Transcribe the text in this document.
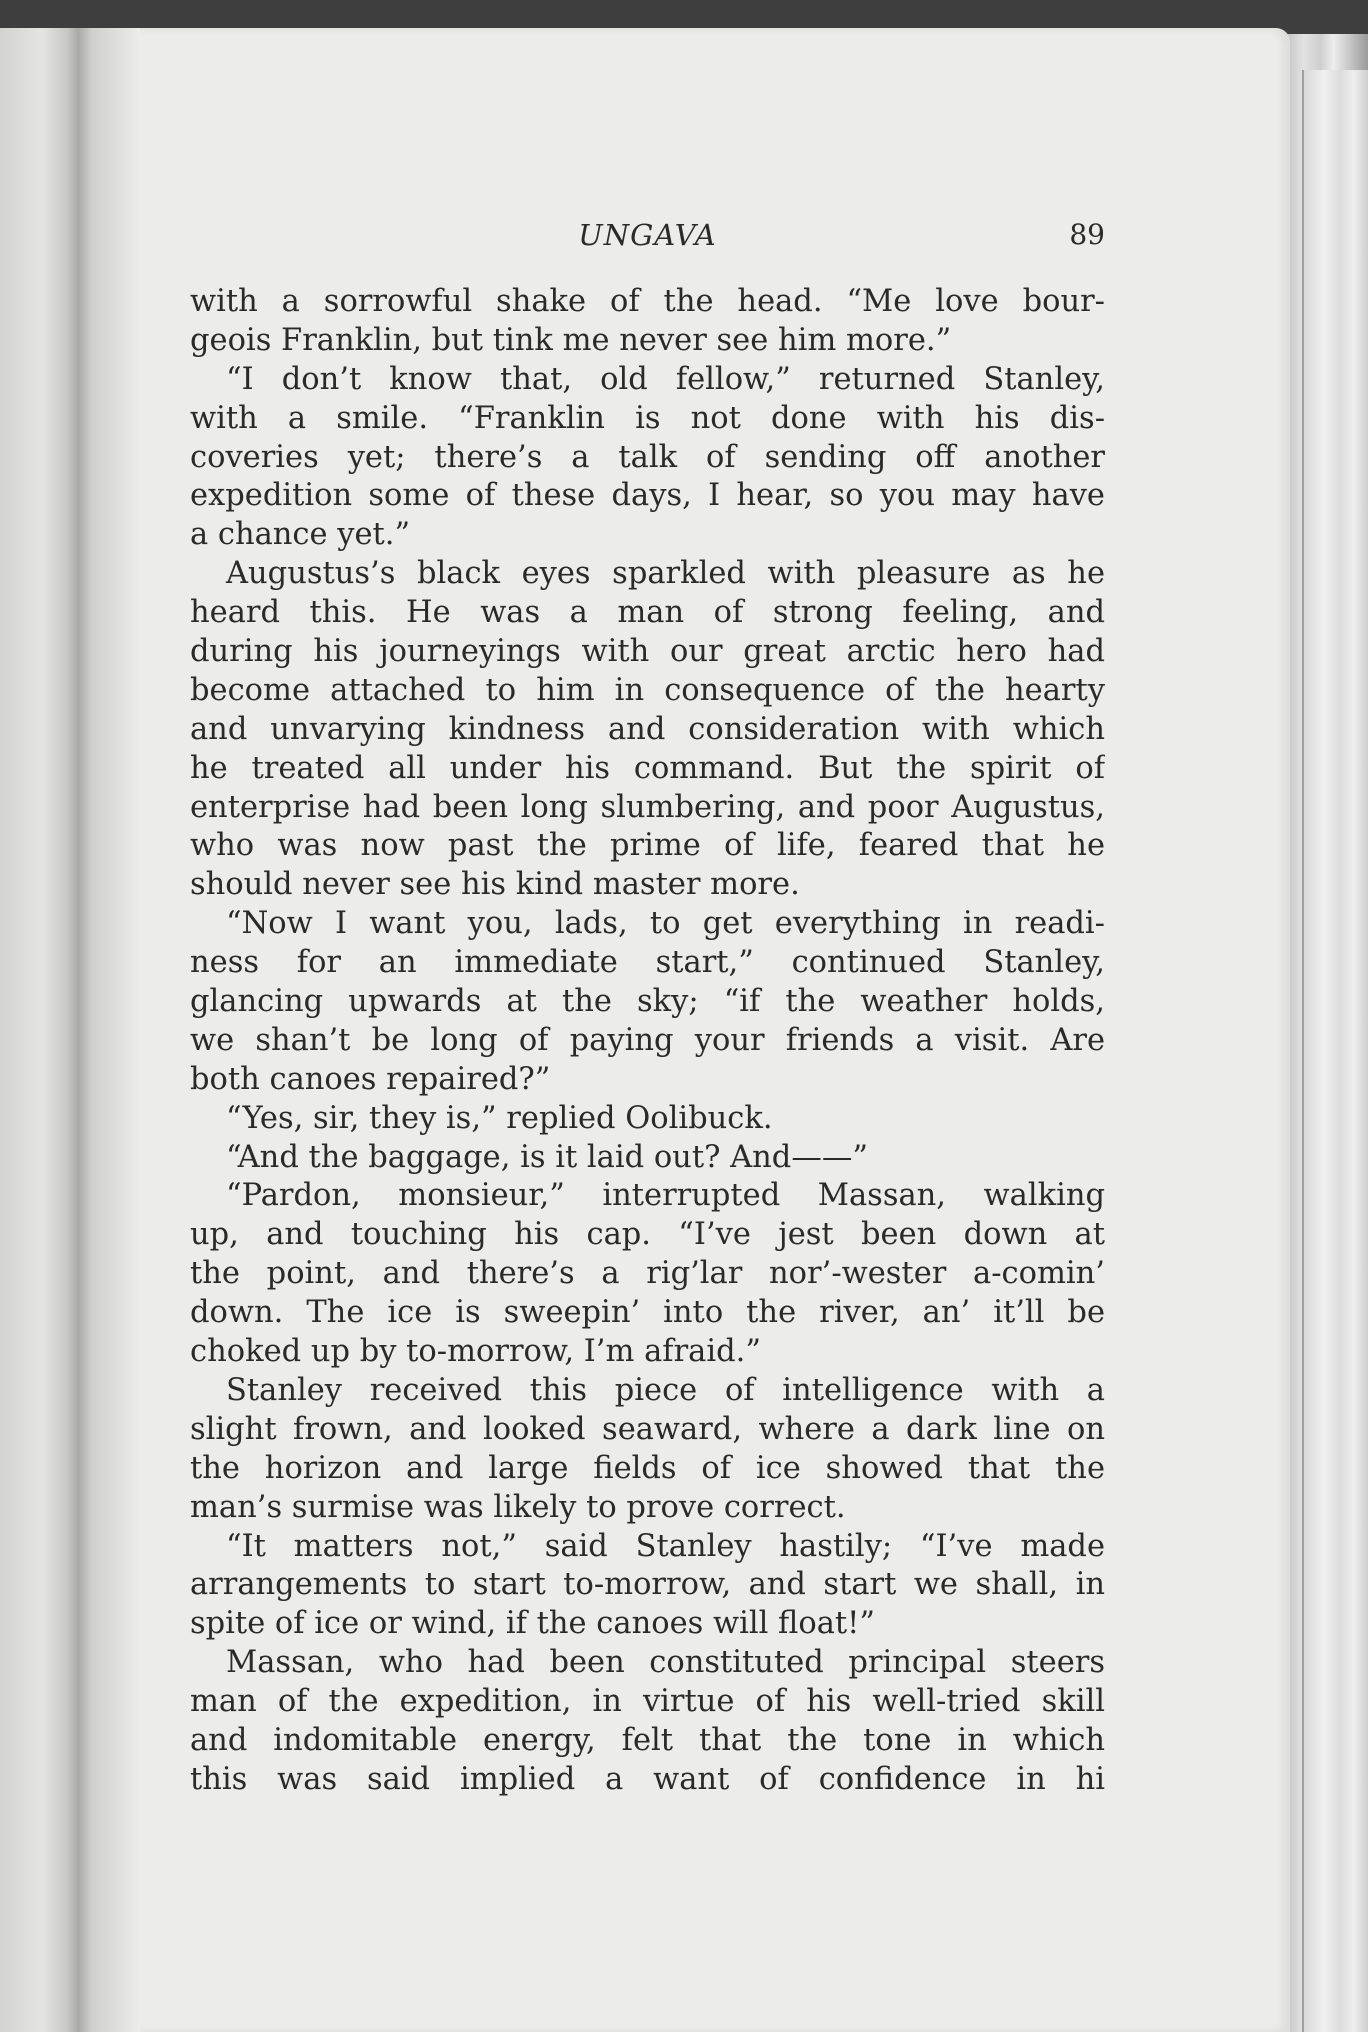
UNGAVA	89
with a sorrowful shake of the head. “Me love bour-
geois Franklin, but tink me never see him more.”
“I don’t know that, old fellow,” returned Stanley,
with a smile. “Franklin is not done with his dis-
coveries yet; there’s a talk of sending off another
expedition some of these days, I hear, so you may have
a chance yet.”
Augustus’s black eyes sparkled with pleasure as he
heard this. He was a man of strong feeling, and
during his journeyings with our great arctic hero had
become attached to him in consequence of the hearty
and unvarying kindness and consideration with which
he treated all under his command. But the spirit of
enterprise had been long slumbering, and poor Augustus,
who was now past the prime of life, feared that he
should never see his kind master more.
“Now I want you, lads, to get everything in readi-
ness for an immediate start,” continued Stanley,
glancing upwards at the sky; “if the weather holds,
we shan’t be long of paying your friends a visit. Are
both canoes repaired?”
“Yes, sir, they is,” replied Oolibuck.
“And the baggage, is it laid out? And——”
“Pardon, monsieur,” interrupted Massan, walking
up, and touching his cap. “I’ve jest been down at
the point, and there’s a rig’lar nor’-wester a-comin’
down. The ice is sweepin’ into the river, an’ it’ll be
choked up by to-morrow, I’m afraid.”
Stanley received this piece of intelligence with a
slight frown, and looked seaward, where a dark line on
the horizon and large fields of ice showed that the
man’s surmise was likely to prove correct.
“It matters not,” said Stanley hastily; “I’ve made
arrangements to start to-morrow, and start we shall, in
spite of ice or wind, if the canoes will float!”
Massan, who had been constituted principal steers
man of the expedition, in virtue of his well-tried skill
and indomitable energy, felt that the tone in which
this was said implied a want of confidence in hi
